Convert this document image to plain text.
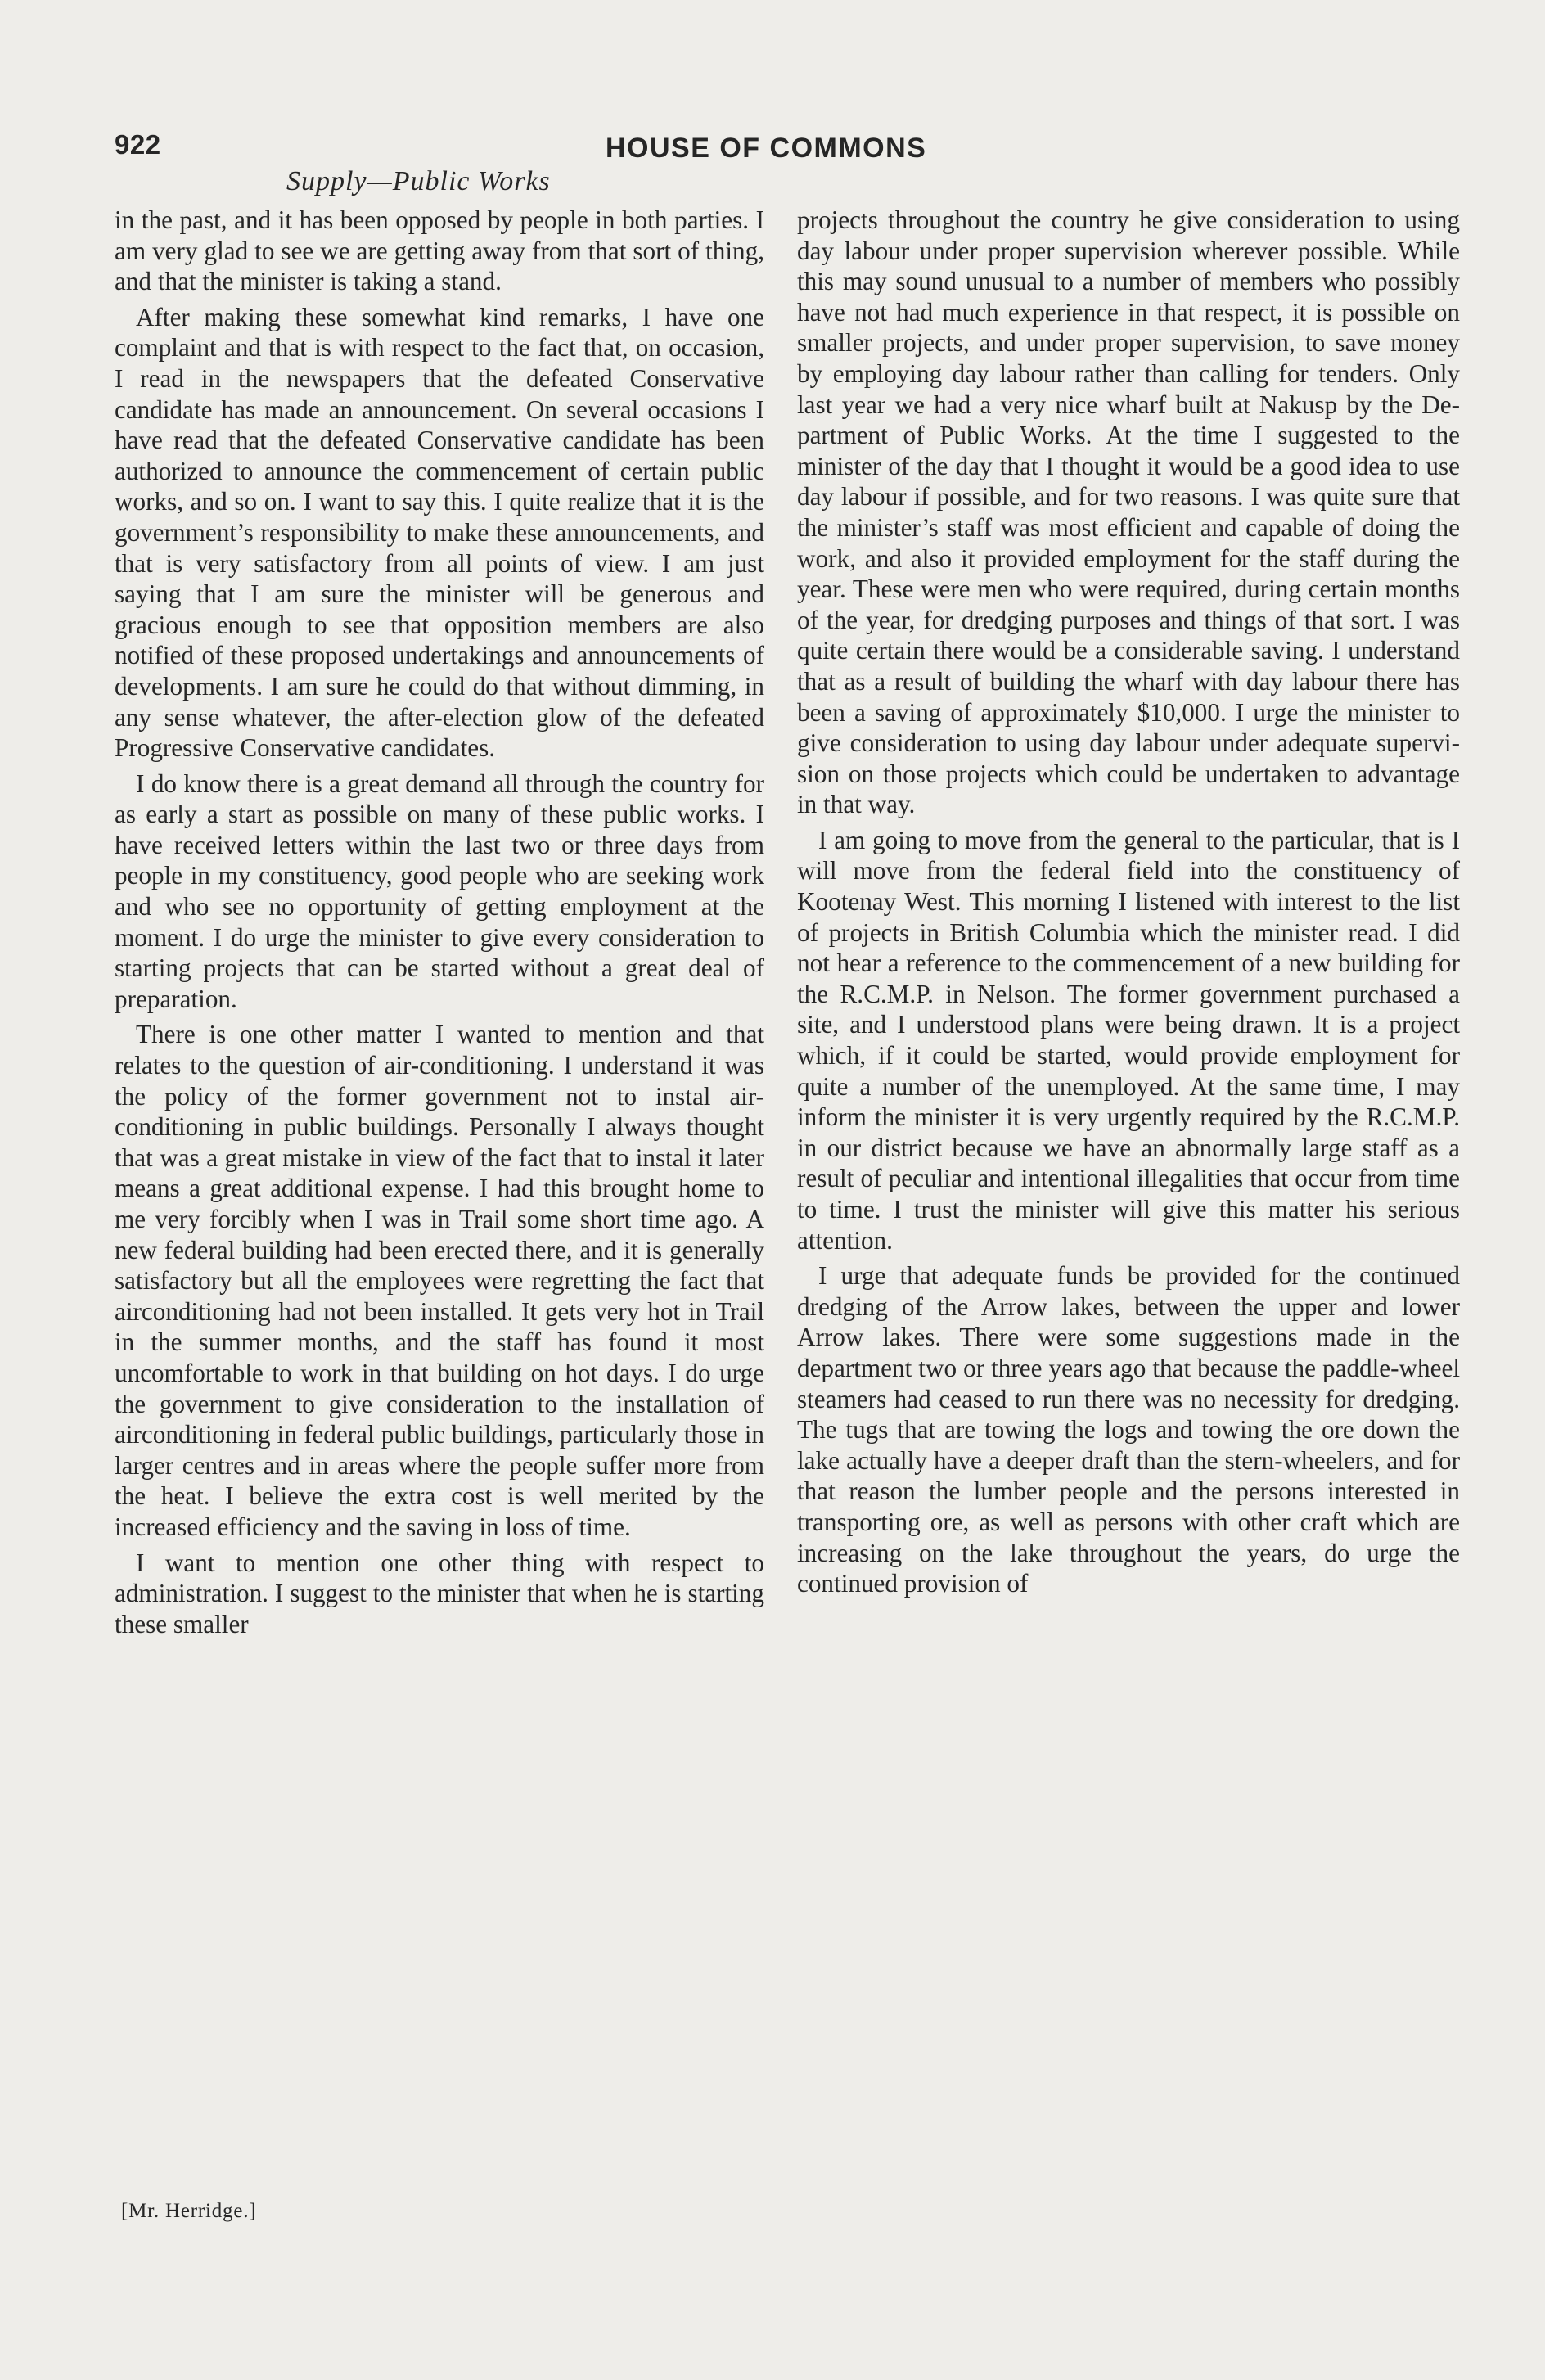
922	HOUSE OF COMMONS
Supply—Public Works

in the past, and it has been opposed by people in both parties. I am very glad to see we are getting away from that sort of thing, and that the minister is taking a stand.

After making these somewhat kind remarks, I have one complaint and that is with respect to the fact that, on occasion, I read in the newspapers that the defeated Conservative candidate has made an announcement. On several occasions I have read that the defeated Conservative candidate has been authorized to announce the commencement of certain public works, and so on. I want to say this. I quite realize that it is the government’s responsibility to make these announcements, and that is very satisfactory from all points of view. I am just saying that I am sure the minister will be generous and gracious enough to see that opposition members are also notified of these proposed undertakings and announcements of developments. I am sure he could do that without dimming, in any sense whatever, the after-election glow of the defeated Progressive Conservative candidates.

I do know there is a great demand all through the country for as early a start as possible on many of these public works. I have received letters within the last two or three days from people in my constituency, good people who are seeking work and who see no opportunity of getting employment at the moment. I do urge the minister to give every consideration to starting projects that can be started without a great deal of preparation.

There is one other matter I wanted to mention and that relates to the question of air-conditioning. I understand it was the policy of the former government not to instal air-conditioning in public buildings. Personally I always thought that was a great mistake in view of the fact that to instal it later means a great additional expense. I had this brought home to me very forcibly when I was in Trail some short time ago. A new federal building had been erected there, and it is generally satisfactory but all the employees were regretting the fact that airconditioning had not been installed. It gets very hot in Trail in the summer months, and the staff has found it most uncomfortable to work in that building on hot days. I do urge the government to give consideration to the installation of airconditioning in federal public buildings, particularly those in larger centres and in areas where the people suffer more from the heat. I believe the extra cost is well merited by the increased efficiency and the saving in loss of time.

I want to mention one other thing with respect to administration. I suggest to the minister that when he is starting these smaller

projects throughout the country he give consideration to using day labour under proper supervision wherever possible. While this may sound unusual to a number of members who possibly have not had much experience in that respect, it is possible on smaller projects, and under proper supervision, to save money by employing day labour rather than calling for tenders. Only last year we had a very nice wharf built at Nakusp by the Department of Public Works. At the time I suggested to the minister of the day that I thought it would be a good idea to use day labour if possible, and for two reasons. I was quite sure that the minister’s staff was most efficient and capable of doing the work, and also it provided employment for the staff during the year. These were men who were required, during certain months of the year, for dredging purposes and things of that sort. I was quite certain there would be a considerable saving. I understand that as a result of building the wharf with day labour there has been a saving of approximately $10,000. I urge the minister to give consideration to using day labour under adequate supervision on those projects which could be undertaken to advantage in that way.

I am going to move from the general to the particular, that is I will move from the federal field into the constituency of Kootenay West. This morning I listened with interest to the list of projects in British Columbia which the minister read. I did not hear a reference to the commencement of a new building for the R.C.M.P. in Nelson. The former government purchased a site, and I understood plans were being drawn. It is a project which, if it could be started, would provide employment for quite a number of the unemployed. At the same time, I may inform the minister it is very urgently required by the R.C.M.P. in our district because we have an abnormally large staff as a result of peculiar and intentional illegalities that occur from time to time. I trust the minister will give this matter his serious attention.

I urge that adequate funds be provided for the continued dredging of the Arrow lakes, between the upper and lower Arrow lakes. There were some suggestions made in the department two or three years ago that because the paddle-wheel steamers had ceased to run there was no necessity for dredging. The tugs that are towing the logs and towing the ore down the lake actually have a deeper draft than the stern-wheelers, and for that reason the lumber people and the persons interested in transporting ore, as well as persons with other craft which are increasing on the lake throughout the years, do urge the continued provision of

[Mr. Herridge.]
